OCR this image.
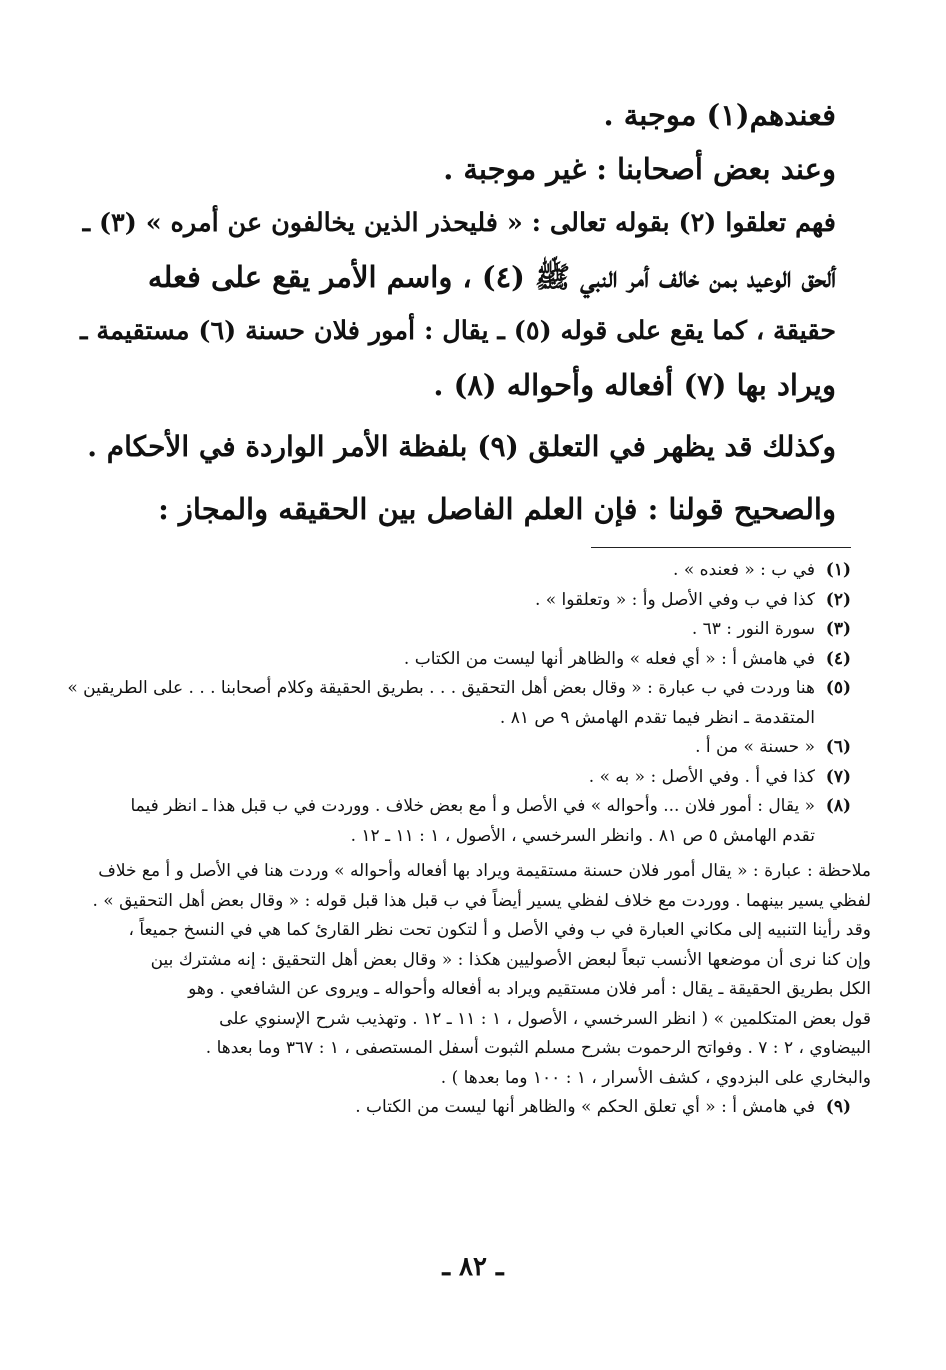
فعندهم(١) موجبة .

وعند بعض أصحابنا : غير موجبة .

فهم تعلقوا (٢) بقوله تعالى : « فليحذر الذين يخالفون عن أمره » (٣) ـ

ألحق الوعيد بمن خالف أمر النبي ﷺ (٤) ، واسم الأمر يقع على فعله

حقيقة ، كما يقع على قوله (٥) ـ يقال : أمور فلان حسنة (٦) مستقيمة ـ

ويراد بها (٧) أفعاله وأحواله (٨) .

وكذلك قد يظهر في التعلق (٩) بلفظة الأمر الواردة في الأحكام .

والصحيح قولنا : فإن العلم الفاصل بين الحقيقه والمجاز :

(١)
في ب : « فعنده » .
(٢)
كذا في ب وفي الأصل وأ : « وتعلقوا » .
(٣)
سورة النور : ٦٣ .
(٤)
في هامش أ : « أي فعله » والظاهر أنها ليست من الكتاب .
(٥)
هنا وردت في ب عبارة : « وقال بعض أهل التحقيق . . . بطريق الحقيقة وكلام أصحابنا . . . على الطريقين »
المتقدمة ـ انظر فيما تقدم الهامش ٩ ص ٨١ .
(٦)
« حسنة » من أ .
(٧)
كذا في أ . وفي الأصل : « به » .
(٨)
« يقال : أمور فلان ... وأحواله » في الأصل و أ مع بعض خلاف . ووردت في ب قبل هذا ـ انظر فيما
تقدم الهامش ٥ ص ٨١ . وانظر السرخسي ، الأصول ، ١ : ١١ ـ ١٢ .
ملاحظة : عبارة : « يقال أمور فلان حسنة مستقيمة ويراد بها أفعاله وأحواله » وردت هنا في الأصل و أ مع خلاف
لفظي يسير بينهما . ووردت مع خلاف لفظي يسير أيضاً في ب قبل هذا قبل قوله : « وقال بعض أهل التحقيق » .
وقد رأينا التنبيه إلى مكاني العبارة في ب وفي الأصل و أ لتكون تحت نظر القارئ كما هي في النسخ جميعاً ،
وإن كنا نرى أن موضعها الأنسب تبعاً لبعض الأصوليين هكذا : « وقال بعض أهل التحقيق : إنه مشترك بين
الكل بطريق الحقيقة ـ يقال : أمر فلان مستقيم ويراد به أفعاله وأحواله ـ ويروى عن الشافعي . وهو
قول بعض المتكلمين » ( انظر السرخسي ، الأصول ، ١ : ١١ ـ ١٢ . وتهذيب شرح الإسنوي على
البيضاوي ، ٢ : ٧ . وفواتح الرحموت بشرح مسلم الثبوت أسفل المستصفى ، ١ : ٣٦٧ وما بعدها .
والبخاري على البزدوي ، كشف الأسرار ، ١ : ١٠٠ وما بعدها ) .
(٩)
في هامش أ : « أي تعلق الحكم » والظاهر أنها ليست من الكتاب .
ـ ٨٢ ـ
